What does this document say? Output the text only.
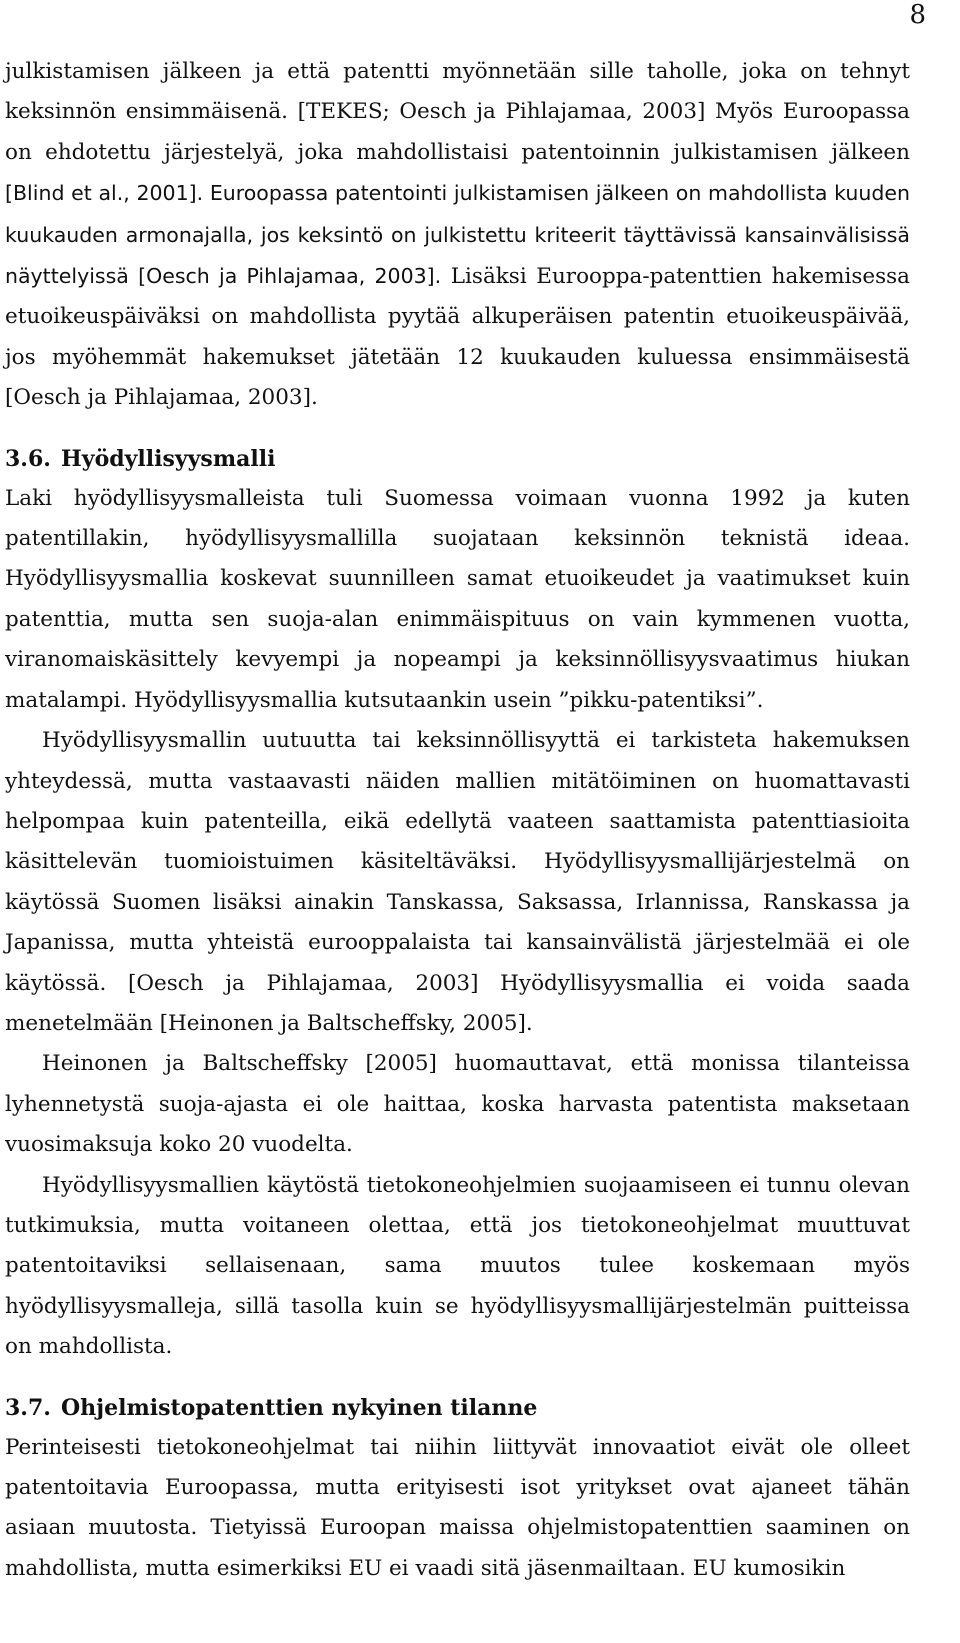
8

julkistamisen jälkeen ja että patentti myönnetään sille taholle, joka on tehnyt keksinnön ensimmäisenä. [TEKES; Oesch ja Pihlajamaa, 2003] Myös Euroopassa on ehdotettu järjestelyä, joka mahdollistaisi patentoinnin julkistamisen jälkeen [Blind et al., 2001]. Euroopassa patentointi julkistamisen jälkeen on mahdollista kuuden kuukauden armonajalla, jos keksintö on julkistettu kriteerit täyttävissä kansainvälisissä näyttelyissä [Oesch ja Pihlajamaa, 2003]. Lisäksi Eurooppa-patenttien hakemisessa etuoikeuspäiväksi on mahdollista pyytää alkuperäisen patentin etuoikeuspäivää, jos myöhemmät hakemukset jätetään 12 kuukauden kuluessa ensimmäisestä [Oesch ja Pihlajamaa, 2003].

3.6. Hyödyllisyysmalli

Laki hyödyllisyysmalleista tuli Suomessa voimaan vuonna 1992 ja kuten patentillakin, hyödyllisyysmallilla suojataan keksinnön teknistä ideaa. Hyödyllisyysmallia koskevat suunnilleen samat etuoikeudet ja vaatimukset kuin patenttia, mutta sen suoja-alan enimmäispituus on vain kymmenen vuotta, viranomaiskäsittely kevyempi ja nopeampi ja keksinnöllisyysvaatimus hiukan matalampi. Hyödyllisyysmallia kutsutaankin usein ”pikku-patentiksi”.

Hyödyllisyysmallin uutuutta tai keksinnöllisyyttä ei tarkisteta hakemuksen yhteydessä, mutta vastaavasti näiden mallien mitätöiminen on huomattavasti helpompaa kuin patenteilla, eikä edellytä vaateen saattamista patenttiasioita käsittelevän tuomioistuimen käsiteltäväksi. Hyödyllisyysmallijärjestelmä on käytössä Suomen lisäksi ainakin Tanskassa, Saksassa, Irlannissa, Ranskassa ja Japanissa, mutta yhteistä eurooppalaista tai kansainvälistä järjestelmää ei ole käytössä. [Oesch ja Pihlajamaa, 2003] Hyödyllisyysmallia ei voida saada menetelmään [Heinonen ja Baltscheffsky, 2005].

Heinonen ja Baltscheffsky [2005] huomauttavat, että monissa tilanteissa lyhennetystä suoja-ajasta ei ole haittaa, koska harvasta patentista maksetaan vuosimaksuja koko 20 vuodelta.

Hyödyllisyysmallien käytöstä tietokoneohjelmien suojaamiseen ei tunnu olevan tutkimuksia, mutta voitaneen olettaa, että jos tietokoneohjelmat muuttuvat patentoitaviksi sellaisenaan, sama muutos tulee koskemaan myös hyödyllisyysmalleja, sillä tasolla kuin se hyödyllisyysmallijärjestelmän puitteissa on mahdollista.

3.7. Ohjelmistopatenttien nykyinen tilanne

Perinteisesti tietokoneohjelmat tai niihin liittyvät innovaatiot eivät ole olleet patentoitavia Euroopassa, mutta erityisesti isot yritykset ovat ajaneet tähän asiaan muutosta. Tietyissä Euroopan maissa ohjelmistopatenttien saaminen on mahdollista, mutta esimerkiksi EU ei vaadi sitä jäsenmailtaan. EU kumosikin
